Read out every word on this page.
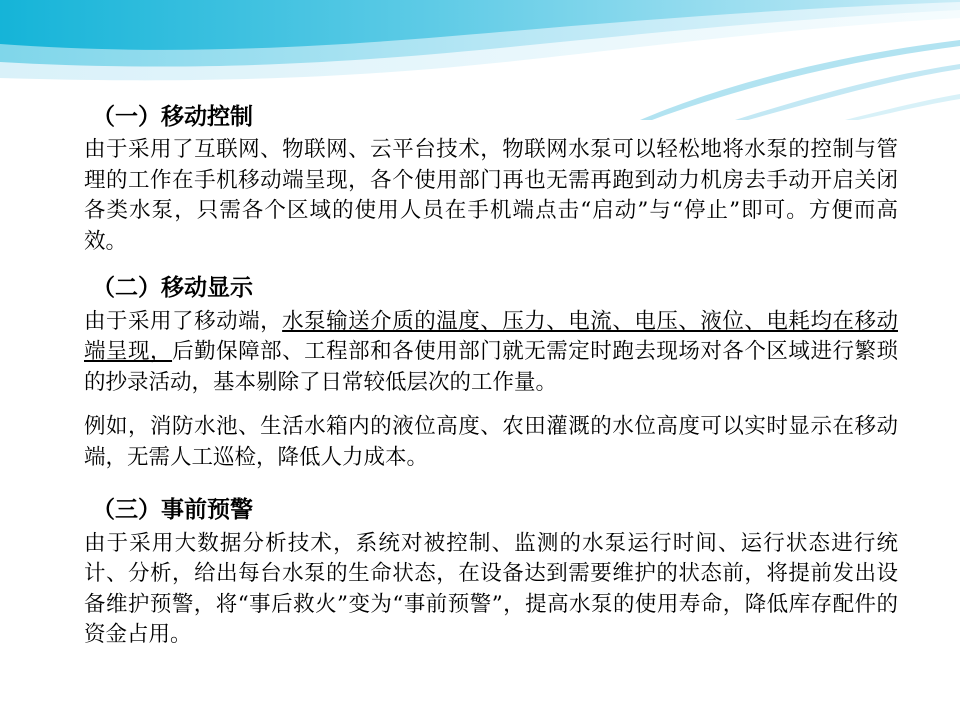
（一）移动控制
由于采用了互联网、物联网、云平台技术，物联网水泵可以轻松地将水泵的控制与管理的工作在手机移动端呈现，各个使用部门再也无需再跑到动力机房去手动开启关闭各类水泵，只需各个区域的使用人员在手机端点击“启动”与“停止”即可。方便而高效。
（二）移动显示
由于采用了移动端，水泵输送介质的温度、压力、电流、电压、液位、电耗均在移动端呈现，后勤保障部、工程部和各使用部门就无需定时跑去现场对各个区域进行繁琐的抄录活动，基本剔除了日常较低层次的工作量。
例如，消防水池、生活水箱内的液位高度、农田灌溉的水位高度可以实时显示在移动端，无需人工巡检，降低人力成本。
（三）事前预警
由于采用大数据分析技术，系统对被控制、监测的水泵运行时间、运行状态进行统计、分析，给出每台水泵的生命状态，在设备达到需要维护的状态前，将提前发出设备维护预警，将“事后救火”变为“事前预警”，提高水泵的使用寿命，降低库存配件的资金占用。
